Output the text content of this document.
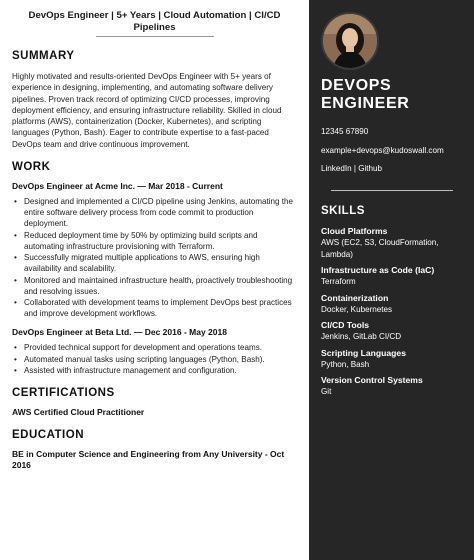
DevOps Engineer | 5+ Years | Cloud Automation | CI/CD Pipelines
SUMMARY
Highly motivated and results-oriented DevOps Engineer with 5+ years of experience in designing, implementing, and automating software delivery pipelines. Proven track record of optimizing CI/CD processes, improving deployment efficiency, and ensuring infrastructure reliability. Skilled in cloud platforms (AWS), containerization (Docker, Kubernetes), and scripting languages (Python, Bash). Eager to contribute expertise to a fast-paced DevOps team and drive continuous improvement.
WORK
DevOps Engineer at Acme Inc. — Mar 2018 - Current
• Designed and implemented a CI/CD pipeline using Jenkins, automating the entire software delivery process from code commit to production deployment.
• Reduced deployment time by 50% by optimizing build scripts and automating infrastructure provisioning with Terraform.
• Successfully migrated multiple applications to AWS, ensuring high availability and scalability.
• Monitored and maintained infrastructure health, proactively troubleshooting and resolving issues.
• Collaborated with development teams to implement DevOps best practices and improve development workflows.
DevOps Engineer at Beta Ltd. — Dec 2016 - May 2018
• Provided technical support for development and operations teams.
• Automated manual tasks using scripting languages (Python, Bash).
• Assisted with infrastructure management and configuration.
CERTIFICATIONS
AWS Certified Cloud Practitioner
EDUCATION
BE in Computer Science and Engineering from Any University - Oct 2016
DEVOPS
ENGINEER
12345 67890
example+devops@kudoswall.com
LinkedIn | Github
SKILLS
Cloud Platforms
AWS (EC2, S3, CloudFormation, Lambda)
Infrastructure as Code (IaC)
Terraform
Containerization
Docker, Kubernetes
CI/CD Tools
Jenkins, GitLab CI/CD
Scripting Languages
Python, Bash
Version Control Systems
Git
